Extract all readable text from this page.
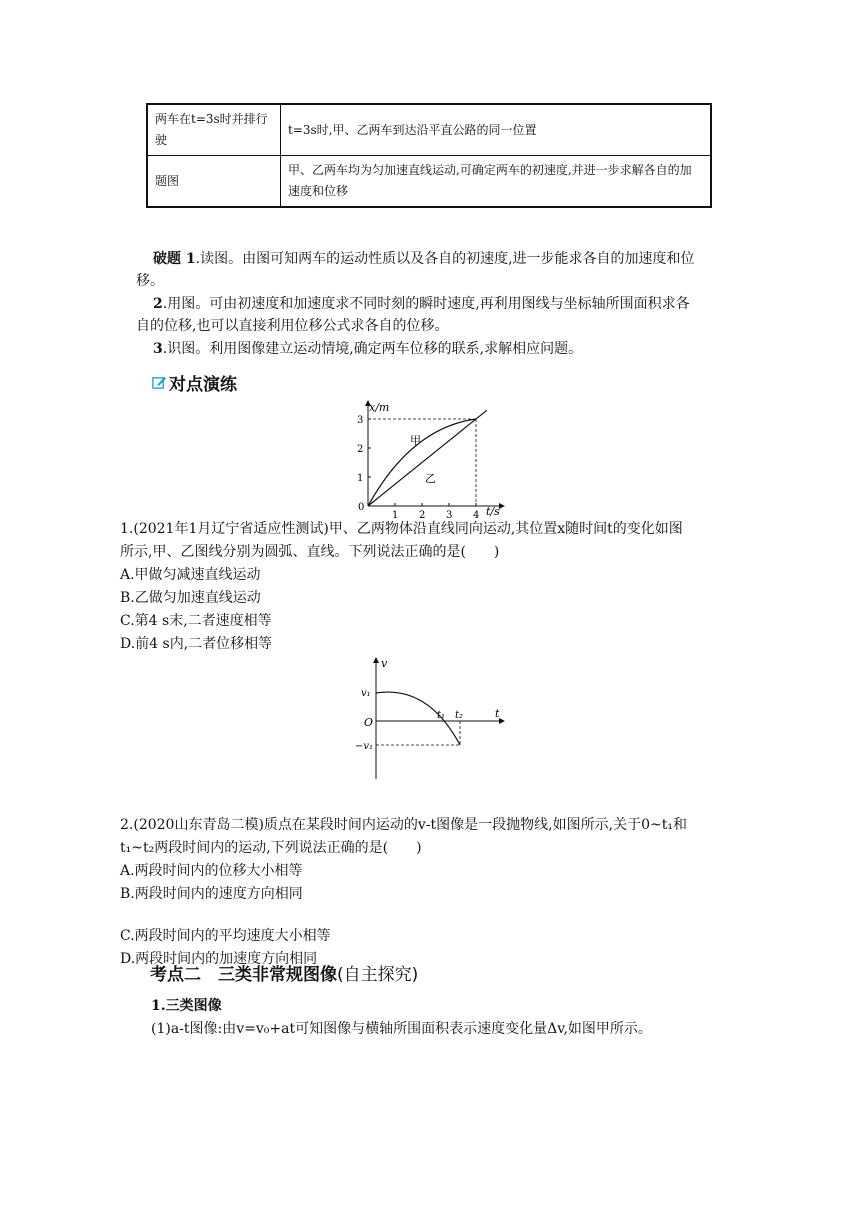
两车在t=3s时并排行驶	t=3s时,甲、乙两车到达沿平直公路的同一位置
题图	甲、乙两车均为匀加速直线运动,可确定两车的初速度,并进一步求解各自的加速度和位移
破题 1.读图。由图可知两车的运动性质以及各自的初速度,进一步能求各自的加速度和位
移。
2.用图。可由初速度和加速度求不同时刻的瞬时速度,再利用图线与坐标轴所围面积求各
自的位移,也可以直接利用位移公式求各自的位移。
3.识图。利用图像建立运动情境,确定两车位移的联系,求解相应问题。
对点演练
t/s
x/m
甲
乙
0
1 2 3 4
1
2
3
1.(2021年1月辽宁省适应性测试)甲、乙两物体沿直线同向运动,其位置x随时间t的变化如图
所示,甲、乙图线分别为圆弧、直线。下列说法正确的是(　　)
A.甲做匀减速直线运动
B.乙做匀加速直线运动
C.第4 s末,二者速度相等
D.前4 s内,二者位移相等
v
t
v₁
−v₁
O
t₁ t₂
2.(2020山东青岛二模)质点在某段时间内运动的v-t图像是一段抛物线,如图所示,关于0~t₁和
t₁~t₂两段时间内的运动,下列说法正确的是(　　)
A.两段时间内的位移大小相等
B.两段时间内的速度方向相同
C.两段时间内的平均速度大小相等
D.两段时间内的加速度方向相同
考点二　三类非常规图像(自主探究)
1.三类图像
(1)a-t图像:由v=v₀+at可知图像与横轴所围面积表示速度变化量Δv,如图甲所示。
